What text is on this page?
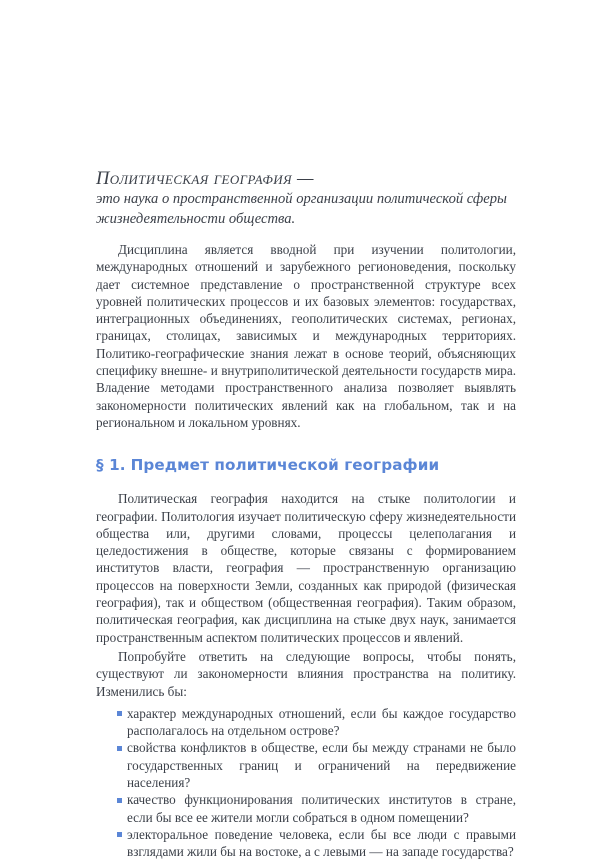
Политическая география —
это наука о пространственной организации политической сферы жизнедеятельности общества.

Дисциплина является вводной при изучении политологии, международных отношений и зарубежного регионоведения, поскольку дает системное представление о пространственной структуре всех уровней политических процессов и их базовых элементов: государствах, интеграционных объединениях, геополитических системах, регионах, границах, столицах, зависимых и международных территориях. Политико-географические знания лежат в основе теорий, объясняющих специфику внешне- и внутриполитической деятельности государств мира. Владение методами пространственного анализа позволяет выявлять закономерности политических явлений как на глобальном, так и на региональном и локальном уровнях.

§ 1. Предмет политической географии

Политическая география находится на стыке политологии и географии. Политология изучает политическую сферу жизнедеятельности общества или, другими словами, процессы целеполагания и целедостижения в обществе, которые связаны с формированием институтов власти, география — пространственную организацию процессов на поверхности Земли, созданных как природой (физическая география), так и обществом (общественная география). Таким образом, политическая география, как дисциплина на стыке двух наук, занимается пространственным аспектом политических процессов и явлений.

Попробуйте ответить на следующие вопросы, чтобы понять, существуют ли закономерности влияния пространства на политику. Изменились бы:

характер международных отношений, если бы каждое государство располагалось на отдельном острове?
свойства конфликтов в обществе, если бы между странами не было государственных границ и ограничений на передвижение населения?
качество функционирования политических институтов в стране, если бы все ее жители могли собраться в одном помещении?
электоральное поведение человека, если бы все люди с правыми взглядами жили бы на востоке, а с левыми — на западе государства?
